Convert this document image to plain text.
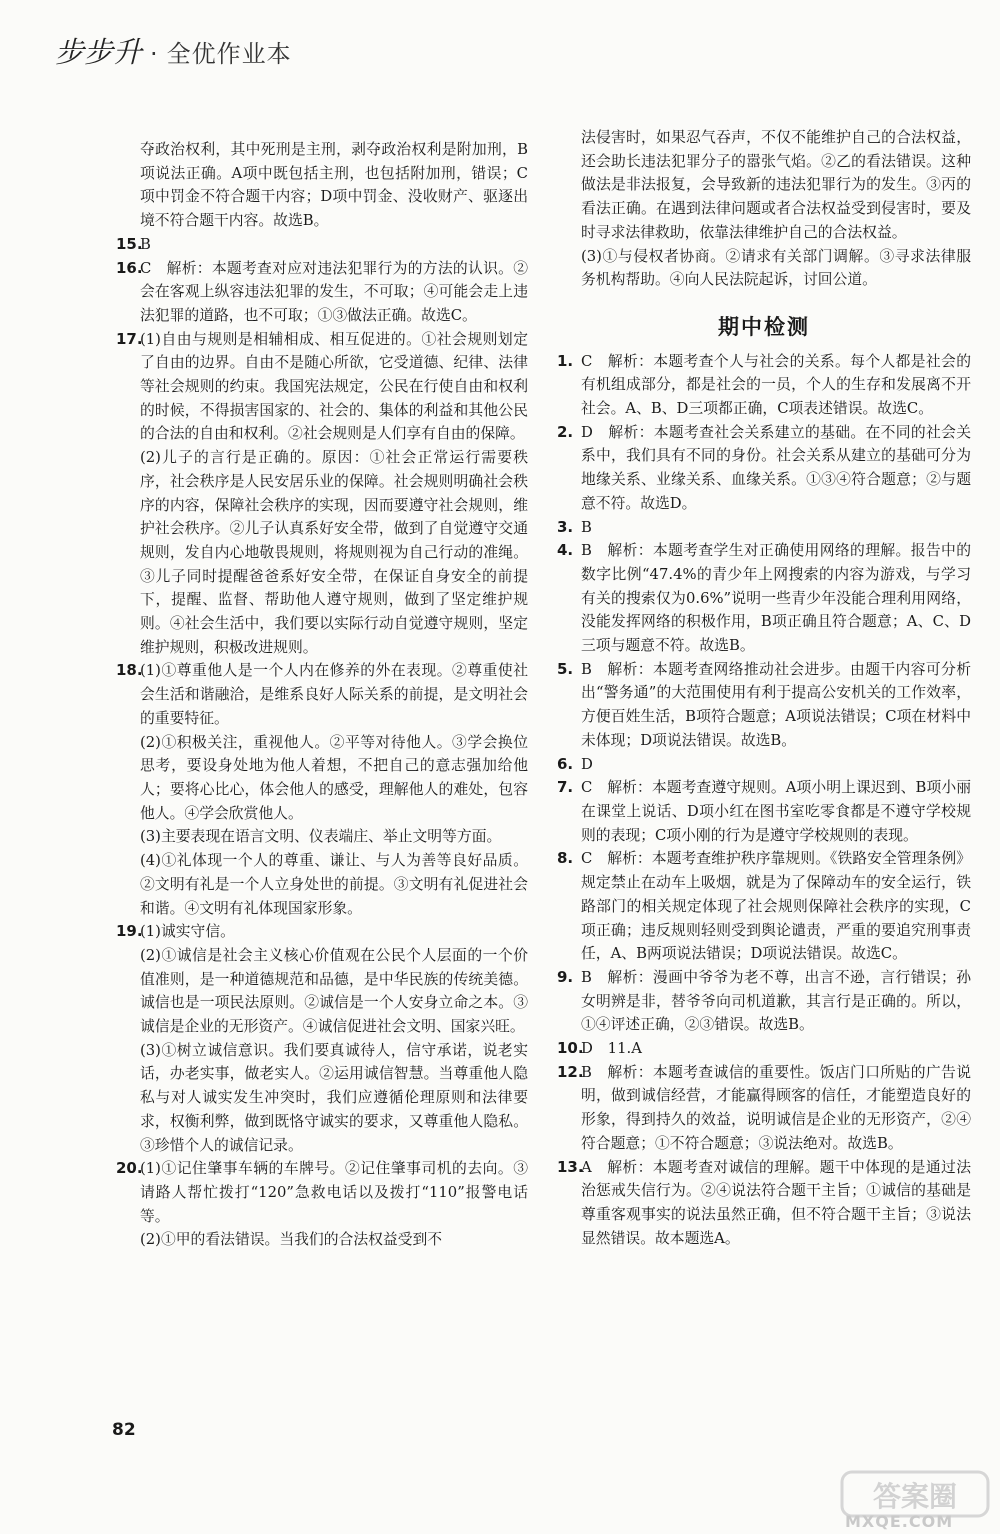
步步升 · 全优作业本

夺政治权利，其中死刑是主刑，剥夺政治权利是附加刑，B项说法正确。A项中既包括主刑，也包括附加刑，错误；C项中罚金不符合题干内容；D项中罚金、没收财产、驱逐出境不符合题干内容。故选B。

15.
B

16.
C　解析：本题考查对应对违法犯罪行为的方法的认识。②会在客观上纵容违法犯罪的发生，不可取；④可能会走上违法犯罪的道路，也不可取；①③做法正确。故选C。

17.
(1)自由与规则是相辅相成、相互促进的。①社会规则划定了自由的边界。自由不是随心所欲，它受道德、纪律、法律等社会规则的约束。我国宪法规定，公民在行使自由和权利的时候，不得损害国家的、社会的、集体的利益和其他公民的合法的自由和权利。②社会规则是人们享有自由的保障。

(2)儿子的言行是正确的。原因：①社会正常运行需要秩序，社会秩序是人民安居乐业的保障。社会规则明确社会秩序的内容，保障社会秩序的实现，因而要遵守社会规则，维护社会秩序。②儿子认真系好安全带，做到了自觉遵守交通规则，发自内心地敬畏规则，将规则视为自己行动的准绳。③儿子同时提醒爸爸系好安全带，在保证自身安全的前提下，提醒、监督、帮助他人遵守规则，做到了坚定维护规则。④社会生活中，我们要以实际行动自觉遵守规则，坚定维护规则，积极改进规则。

18.
(1)①尊重他人是一个人内在修养的外在表现。②尊重使社会生活和谐融洽，是维系良好人际关系的前提，是文明社会的重要特征。

(2)①积极关注，重视他人。②平等对待他人。③学会换位思考，要设身处地为他人着想，不把自己的意志强加给他人；要将心比心，体会他人的感受，理解他人的难处，包容他人。④学会欣赏他人。

(3)主要表现在语言文明、仪表端庄、举止文明等方面。

(4)①礼体现一个人的尊重、谦让、与人为善等良好品质。②文明有礼是一个人立身处世的前提。③文明有礼促进社会和谐。④文明有礼体现国家形象。

19.
(1)诚实守信。

(2)①诚信是社会主义核心价值观在公民个人层面的一个价值准则，是一种道德规范和品德，是中华民族的传统美德。诚信也是一项民法原则。②诚信是一个人安身立命之本。③诚信是企业的无形资产。④诚信促进社会文明、国家兴旺。

(3)①树立诚信意识。我们要真诚待人，信守承诺，说老实话，办老实事，做老实人。②运用诚信智慧。当尊重他人隐私与对人诚实发生冲突时，我们应遵循伦理原则和法律要求，权衡利弊，做到既恪守诚实的要求，又尊重他人隐私。③珍惜个人的诚信记录。

20.
(1)①记住肇事车辆的车牌号。②记住肇事司机的去向。③请路人帮忙拨打“120”急救电话以及拨打“110”报警电话等。

(2)①甲的看法错误。当我们的合法权益受到不

法侵害时，如果忍气吞声，不仅不能维护自己的合法权益，还会助长违法犯罪分子的嚣张气焰。②乙的看法错误。这种做法是非法报复，会导致新的违法犯罪行为的发生。③丙的看法正确。在遇到法律问题或者合法权益受到侵害时，要及时寻求法律救助，依靠法律维护自己的合法权益。

(3)①与侵权者协商。②请求有关部门调解。③寻求法律服务机构帮助。④向人民法院起诉，讨回公道。

期中检测

1. C　解析：本题考查个人与社会的关系。每个人都是社会的有机组成部分，都是社会的一员，个人的生存和发展离不开社会。A、B、D三项都正确，C项表述错误。故选C。

2. D　解析：本题考查社会关系建立的基础。在不同的社会关系中，我们具有不同的身份。社会关系从建立的基础可分为地缘关系、业缘关系、血缘关系。①③④符合题意；②与题意不符。故选D。

3. B

4. B　解析：本题考查学生对正确使用网络的理解。报告中的数字比例“47.4%的青少年上网搜索的内容为游戏，与学习有关的搜索仅为0.6%”说明一些青少年没能合理利用网络，没能发挥网络的积极作用，B项正确且符合题意；A、C、D三项与题意不符。故选B。

5. B　解析：本题考查网络推动社会进步。由题干内容可分析出“警务通”的大范围使用有利于提高公安机关的工作效率，方便百姓生活，B项符合题意；A项说法错误；C项在材料中未体现；D项说法错误。故选B。

6. D

7. C　解析：本题考查遵守规则。A项小明上课迟到、B项小丽在课堂上说话、D项小红在图书室吃零食都是不遵守学校规则的表现；C项小刚的行为是遵守学校规则的表现。

8. C　解析：本题考查维护秩序靠规则。《铁路安全管理条例》规定禁止在动车上吸烟，就是为了保障动车的安全运行，铁路部门的相关规定体现了社会规则保障社会秩序的实现，C项正确；违反规则轻则受到舆论谴责，严重的要追究刑事责任，A、B两项说法错误；D项说法错误。故选C。

9. B　解析：漫画中爷爷为老不尊，出言不逊，言行错误；孙女明辨是非，替爷爷向司机道歉，其言行是正确的。所以，①④评述正确，②③错误。故选B。

10.
D　11.A

12.
B　解析：本题考查诚信的重要性。饭店门口所贴的广告说明，做到诚信经营，才能赢得顾客的信任，才能塑造良好的形象，得到持久的效益，说明诚信是企业的无形资产，②④符合题意；①不符合题意；③说法绝对。故选B。

13.
A　解析：本题考查对诚信的理解。题干中体现的是通过法治惩戒失信行为。②④说法符合题干主旨；①诚信的基础是尊重客观事实的说法虽然正确，但不符合题干主旨；③说法显然错误。故本题选A。

82
答案圈
MXQE.COM
